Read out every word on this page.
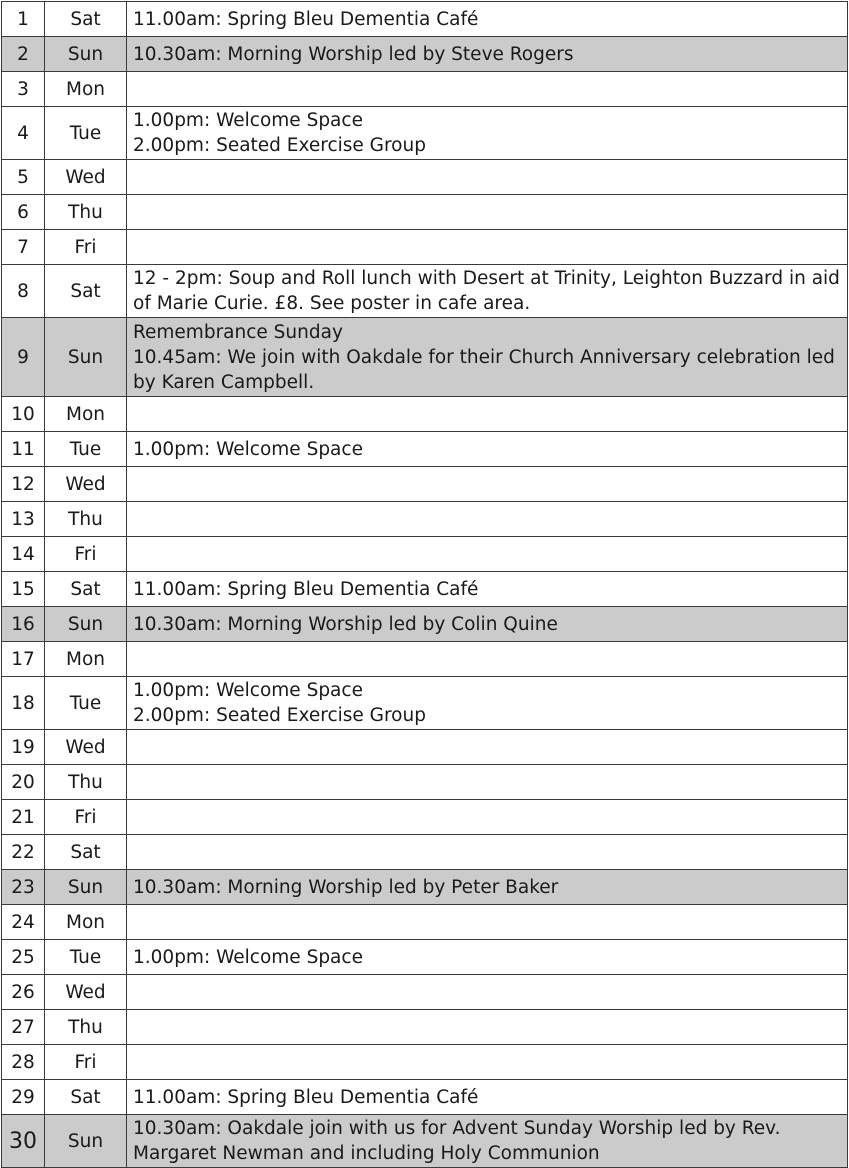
1	Sat	11.00am: Spring Bleu Dementia Café
2	Sun	10.30am: Morning Worship led by Steve Rogers
3	Mon	
4	Tue	1.00pm: Welcome Space
2.00pm: Seated Exercise Group
5	Wed	
6	Thu	
7	Fri	
8	Sat	12 - 2pm: Soup and Roll lunch with Desert at Trinity, Leighton Buzzard in aid
of Marie Curie. £8. See poster in cafe area.
9	Sun	Remembrance Sunday
10.45am: We join with Oakdale for their Church Anniversary celebration led
by Karen Campbell.
10	Mon	
11	Tue	1.00pm: Welcome Space
12	Wed	
13	Thu	
14	Fri	
15	Sat	11.00am: Spring Bleu Dementia Café
16	Sun	10.30am: Morning Worship led by Colin Quine
17	Mon	
18	Tue	1.00pm: Welcome Space
2.00pm: Seated Exercise Group
19	Wed	
20	Thu	
21	Fri	
22	Sat	
23	Sun	10.30am: Morning Worship led by Peter Baker
24	Mon	
25	Tue	1.00pm: Welcome Space
26	Wed	
27	Thu	
28	Fri	
29	Sat	11.00am: Spring Bleu Dementia Café
30	Sun	10.30am: Oakdale join with us for Advent Sunday Worship led by Rev.
Margaret Newman and including Holy Communion
